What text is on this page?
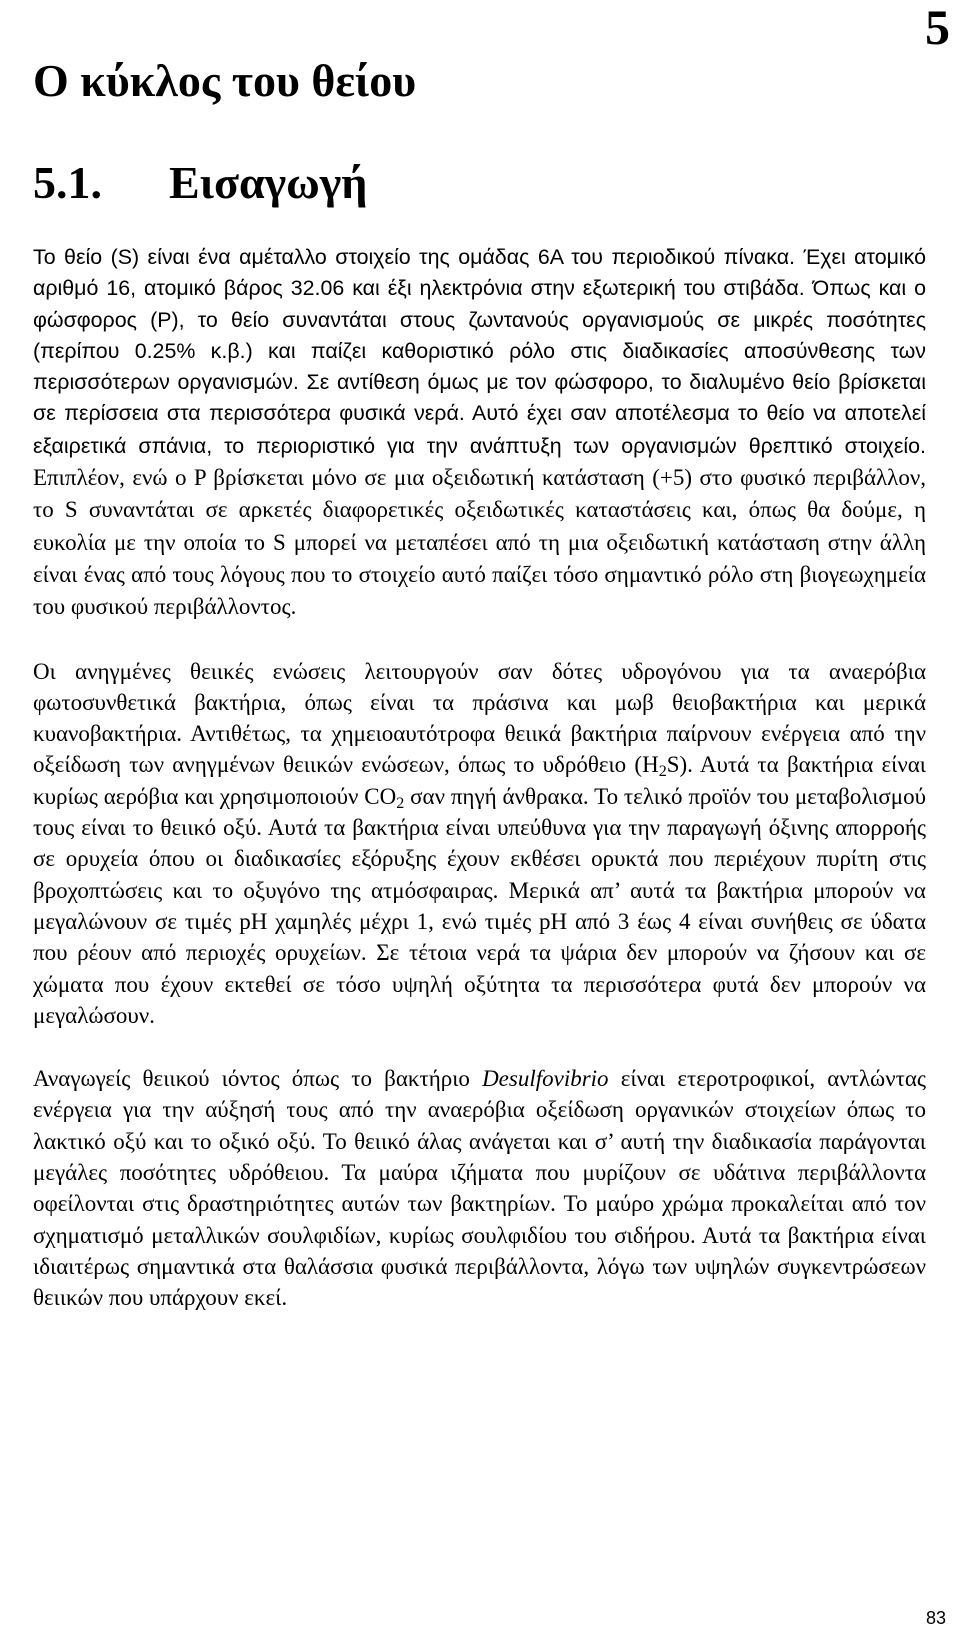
5
Ο κύκλος του θείου
5.1. Εισαγωγή

Το θείο (S) είναι ένα αμέταλλο στοιχείο της ομάδας 6Α του περιοδικού πίνακα. Έχει ατομικό αριθμό 16, ατομικό βάρος 32.06 και έξι ηλεκτρόνια στην εξωτερική του στιβάδα. Όπως και ο φώσφορος (P), το θείο συναντάται στους ζωντανούς οργανισμούς σε μικρές ποσότητες (περίπου 0.25% κ.β.) και παίζει καθοριστικό ρόλο στις διαδικασίες αποσύνθεσης των περισσότερων οργανισμών. Σε αντίθεση όμως με τον φώσφορο, το διαλυμένο θείο βρίσκεται σε περίσσεια στα περισσότερα φυσικά νερά. Αυτό έχει σαν αποτέλεσμα το θείο να αποτελεί εξαιρετικά σπάνια, το περιοριστικό για την ανάπτυξη των οργανισμών θρεπτικό στοιχείο. Επιπλέον, ενώ ο P βρίσκεται μόνο σε μια οξειδωτική κατάσταση (+5) στο φυσικό περιβάλλον, το S συναντάται σε αρκετές διαφορετικές οξειδωτικές καταστάσεις και, όπως θα δούμε, η ευκολία με την οποία το S μπορεί να μεταπέσει από τη μια οξειδωτική κατάσταση στην άλλη είναι ένας από τους λόγους που το στοιχείο αυτό παίζει τόσο σημαντικό ρόλο στη βιογεωχημεία του φυσικού περιβάλλοντος.

Οι ανηγμένες θειικές ενώσεις λειτουργούν σαν δότες υδρογόνου για τα αναερόβια φωτοσυνθετικά βακτήρια, όπως είναι τα πράσινα και μωβ θειοβακτήρια και μερικά κυανοβακτήρια. Αντιθέτως, τα χημειοαυτότροφα θειικά βακτήρια παίρνουν ενέργεια από την οξείδωση των ανηγμένων θειικών ενώσεων, όπως το υδρόθειο $(H_2S)$. Αυτά τα βακτήρια είναι κυρίως αερόβια και χρησιμοποιούν $CO_2$ σαν πηγή άνθρακα. Το τελικό προϊόν του μεταβολισμού τους είναι το θειικό οξύ. Αυτά τα βακτήρια είναι υπεύθυνα για την παραγωγή όξινης απορροής σε ορυχεία όπου οι διαδικασίες εξόρυξης έχουν εκθέσει ορυκτά που περιέχουν πυρίτη στις βροχοπτώσεις και το οξυγόνο της ατμόσφαιρας. Μερικά απ’ αυτά τα βακτήρια μπορούν να μεγαλώνουν σε τιμές pH χαμηλές μέχρι 1, ενώ τιμές pH από 3 έως 4 είναι συνήθεις σε ύδατα που ρέουν από περιοχές ορυχείων. Σε τέτοια νερά τα ψάρια δεν μπορούν να ζήσουν και σε χώματα που έχουν εκτεθεί σε τόσο υψηλή οξύτητα τα περισσότερα φυτά δεν μπορούν να μεγαλώσουν.

Αναγωγείς θειικού ιόντος όπως το βακτήριο Desulfovibrio είναι ετεροτροφικοί, αντλώντας ενέργεια για την αύξησή τους από την αναερόβια οξείδωση οργανικών στοιχείων όπως το λακτικό οξύ και το οξικό οξύ. Το θειικό άλας ανάγεται και σ’ αυτή την διαδικασία παράγονται μεγάλες ποσότητες υδρόθειου. Τα μαύρα ιζήματα που μυρίζουν σε υδάτινα περιβάλλοντα οφείλονται στις δραστηριότητες αυτών των βακτηρίων. Το μαύρο χρώμα προκαλείται από τον σχηματισμό μεταλλικών σουλφιδίων, κυρίως σουλφιδίου του σιδήρου. Αυτά τα βακτήρια είναι ιδιαιτέρως σημαντικά στα θαλάσσια φυσικά περιβάλλοντα, λόγω των υψηλών συγκεντρώσεων θειικών που υπάρχουν εκεί.

83
